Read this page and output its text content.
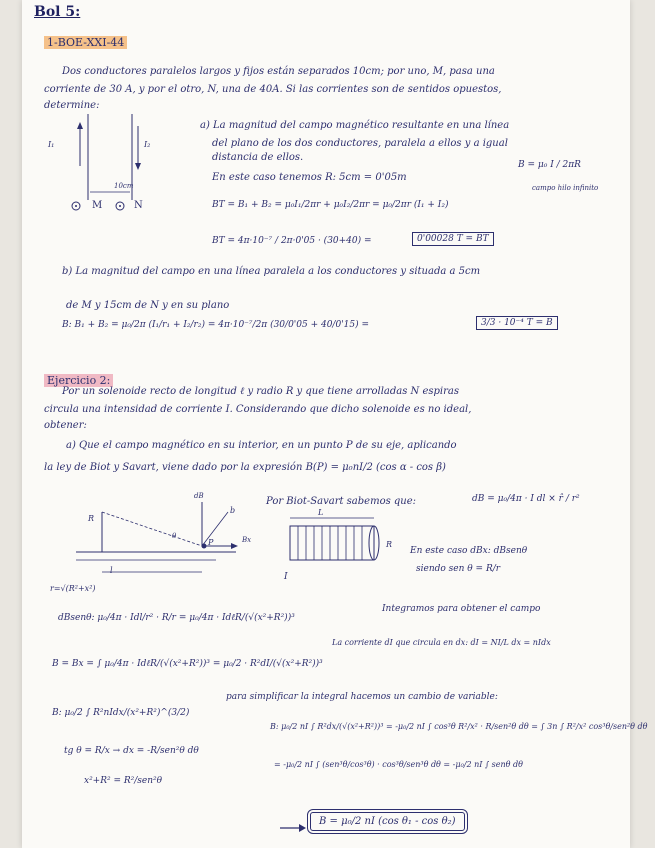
Bol 5:
1-BOE-XXI-44
Dos conductores paralelos largos y fijos están separados 10cm; por uno, M, pasa una
corriente de 30 A, y por el otro, N, una de 40A. Si las corrientes son de sentidos opuestos,
determine:
I₁	I₂
10cm
M	N
a) La magnitud del campo magnético resultante en una línea
del plano de los dos conductores, paralela a ellos y a igual
distancia de ellos.
En este caso tenemos R: 5cm = 0'05m
B = μ₀ I / 2πR
campo hilo infinito
BT = B₁ + B₂ = μ₀I₁/2πr + μ₀I₂/2πr = μ₀/2πr (I₁ + I₂)
BT = 4π·10⁻⁷ / 2π·0'05 · (30+40) =	0'00028 T = BT
b) La magnitud del campo en una línea paralela a los conductores y situada a 5cm
de M y 15cm de N y en su plano
B: B₁ + B₂ = μ₀/2π (I₁/r₁ + I₂/r₂) = 4π·10⁻⁷/2π (30/0'05 + 40/0'15) =	3/3 · 10⁻⁴ T = B
Ejercicio 2:
Por un solenoide recto de longitud ℓ y radio R y que tiene arrolladas N espiras
circula una intensidad de corriente I. Considerando que dicho solenoide es no ideal,
obtener:
a) Que el campo magnético en su interior, en un punto P de su eje, aplicando
la ley de Biot y Savart, viene dado por la expresión B(P) = μ₀nI/2 (cos α - cos β)
R
l
dB
P	Bx
b
θ
L
R
I
Por Biot-Savart sabemos que:	dB = μ₀/4π · I dl × r̂ / r²
En este caso dBx: dBsenθ
siendo sen θ = R/r
r=√(R²+x²)
dBsenθ: μ₀/4π · Idl/r² · R/r = μ₀/4π · IdℓR/(√(x²+R²))³
Integramos para obtener el campo
B = Bx = ∫ μ₀/4π · IdℓR/(√(x²+R²))³ = μ₀/2 · R²dI/(√(x²+R²))³
La corriente dI que circula en dx: dI = NI/L dx = nIdx
B: μ₀/2 ∫ R²nIdx/(x²+R²)^(3/2)
para simplificar la integral hacemos un cambio de variable:
tg θ = R/x → dx = -R/sen²θ dθ
x²+R² = R²/sen²θ
B: μ₀/2 nI ∫ R²dx/(√(x²+R²))³ = -μ₀/2 nI ∫ cos³θ R²/x² · R/sen²θ dθ = ∫ 3n ∫ R²/x² cos³θ/sen²θ dθ
= -μ₀/2 nI ∫ (sen³θ/cos³θ) · cos³θ/sen³θ dθ = -μ₀/2 nI ∫ senθ dθ
B = μ₀/2 nI (cos θ₁ - cos θ₂)
